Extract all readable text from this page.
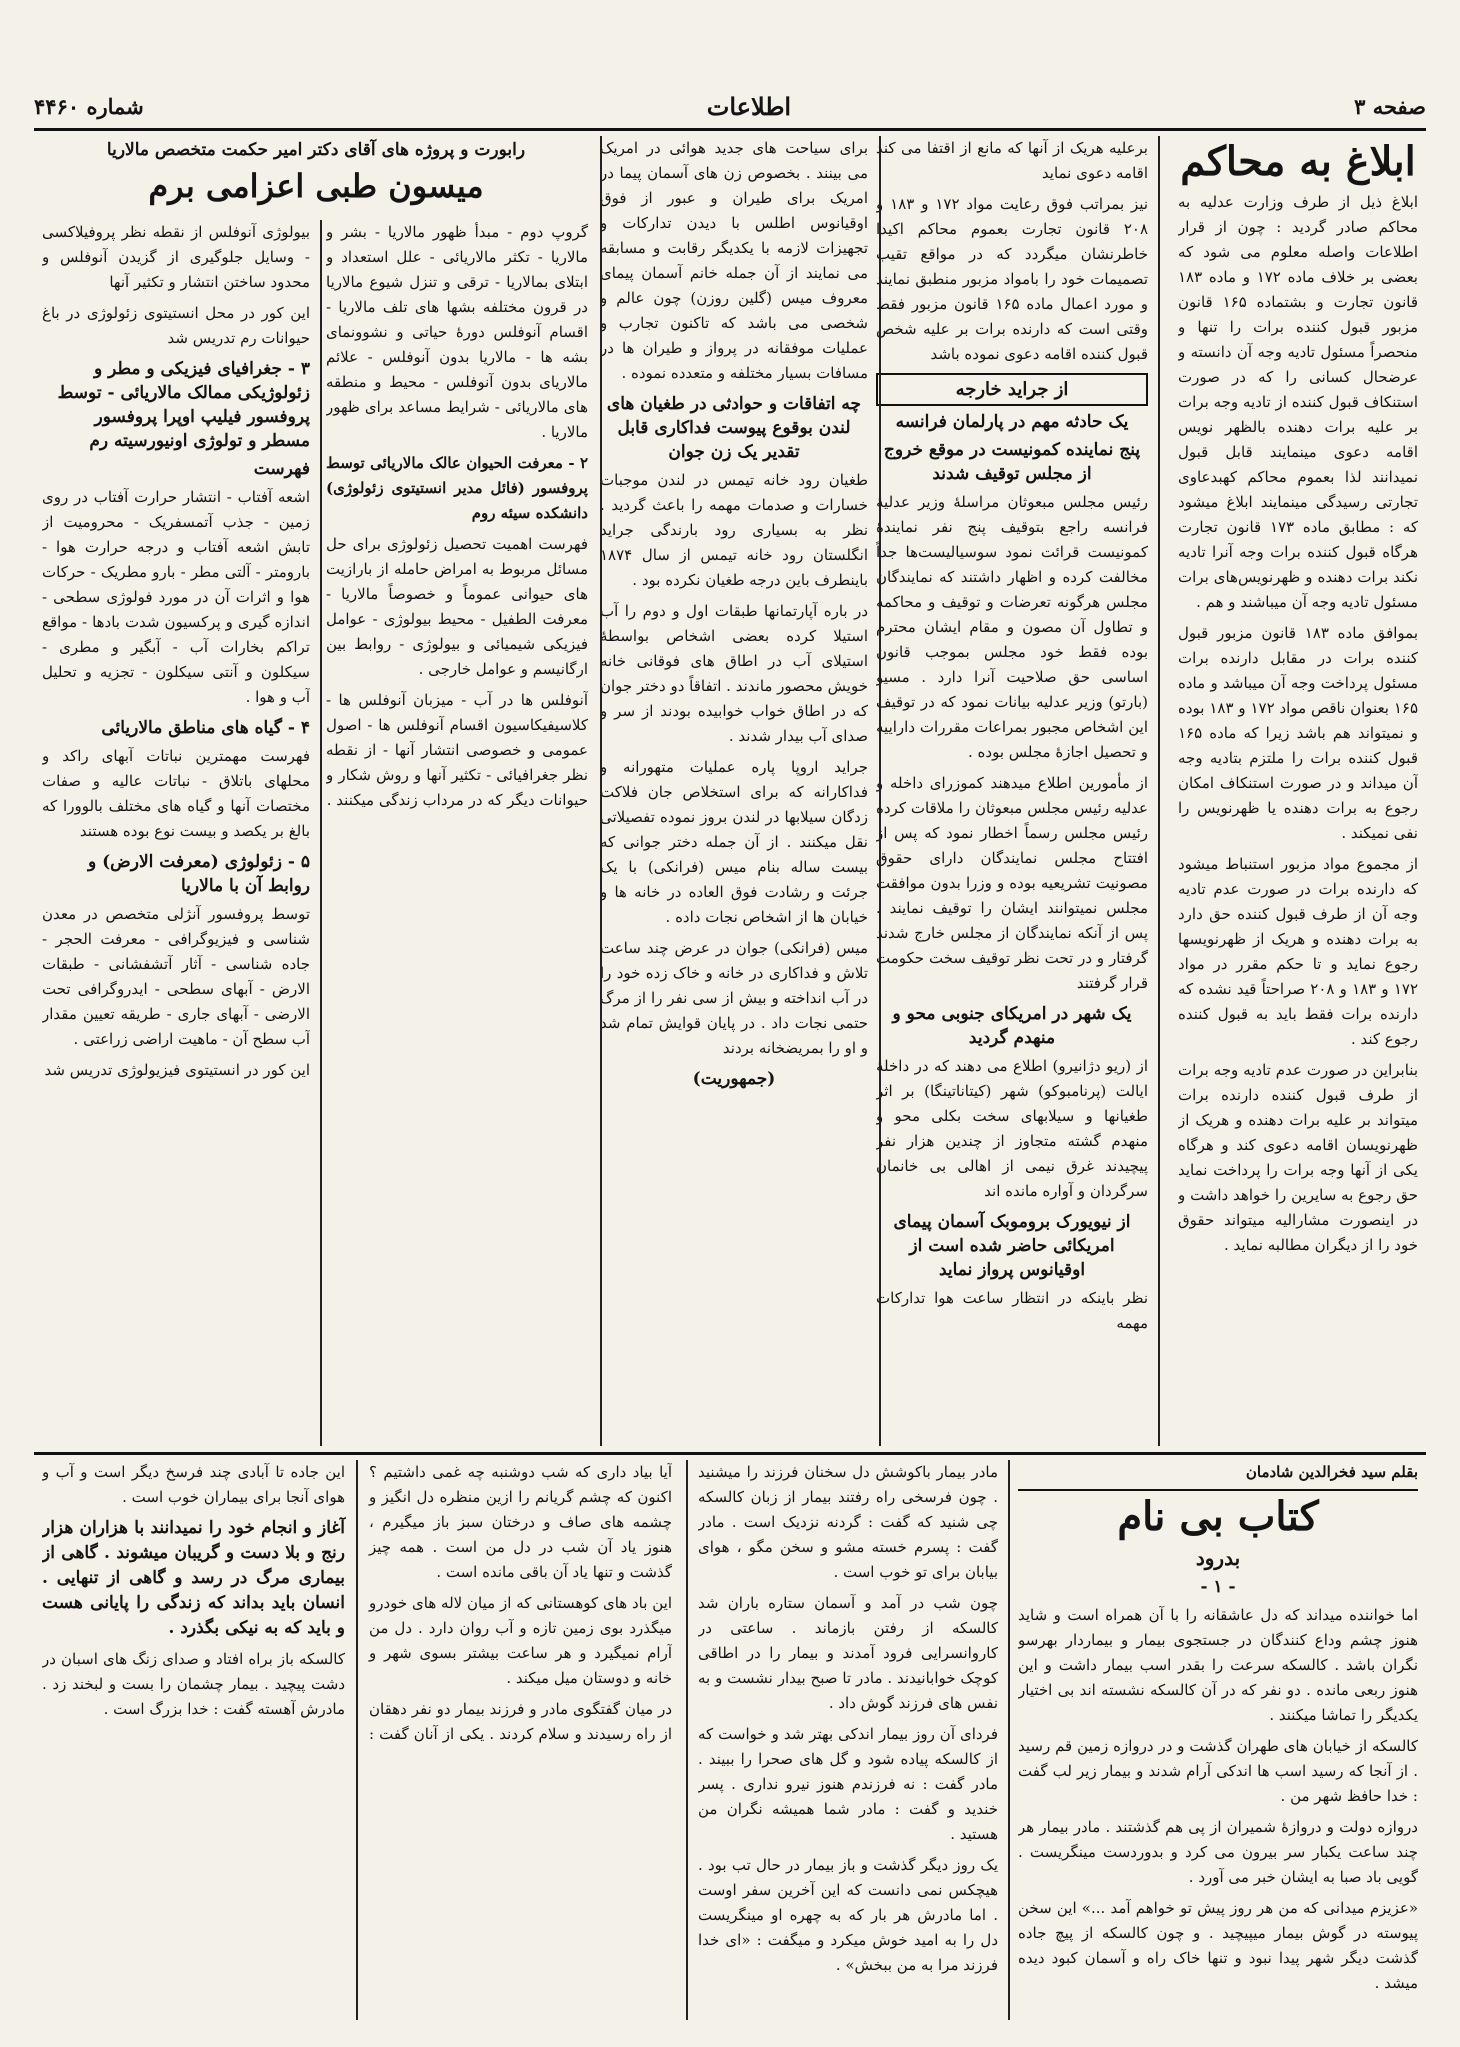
صفحه ۳
اطلاعات
شماره ۴۴۶۰
ابلاغ به محاکم

ابلاغ ذیل از طرف وزارت عدلیه به محاکم صادر گردید : چون از قرار اطلاعات واصله معلوم می شود که بعضی بر خلاف ماده ۱۷۲ و ماده ۱۸۳ قانون تجارت و بشتماده ۱۶۵ قانون مزبور قبول کننده برات را تنها و منحصراً مسئول تادیه وجه آن دانسته و عرضحال کسانی را که در صورت استنکاف قبول کننده از تادیه وجه برات بر علیه برات دهنده بالظهر نویس اقامه دعوی مینمایند قابل قبول نمیدانند لذا بعموم محاکم کهبدعاوی تجارتی رسیدگی مینمایند ابلاغ میشود که : مطابق ماده ۱۷۳ قانون تجارت هرگاه قبول کننده برات وجه آنرا تادیه نکند برات دهنده و ظهرنویس‌های برات مسئول تادیه وجه آن میباشند و هم .

بموافق ماده ۱۸۳ قانون مزبور قبول کننده برات در مقابل دارنده برات مسئول پرداخت وجه آن میباشد و ماده ۱۶۵ بعنوان ناقص مواد ۱۷۲ و ۱۸۳ بوده و نمیتواند هم باشد زیرا که ماده ۱۶۵ قبول کننده برات را ملتزم بتادیه وجه آن میداند و در صورت استنکاف امکان رجوع به برات دهنده یا ظهرنویس را نفی نمیکند .

از مجموع مواد مزبور استنباط میشود که دارنده برات در صورت عدم تادیه وجه آن از طرف قبول کننده حق دارد به برات دهنده و هریک از ظهرنویسها رجوع نماید و تا حکم مقرر در مواد ۱۷۲ و ۱۸۳ و ۲۰۸ صراحتاً قید نشده که دارنده برات فقط باید به قبول کننده رجوع کند .

بنابراین در صورت عدم تادیه وجه برات از طرف قبول کننده دارنده برات میتواند بر علیه برات دهنده و هریک از ظهرنویسان اقامه دعوی کند و هرگاه یکی از آنها وجه برات را پرداخت نماید حق رجوع به سایرین را خواهد داشت و در اینصورت مشارالیه میتواند حقوق خود را از دیگران مطالبه نماید .

برعلیه هریک از آنها که مانع از اقتفا می کند اقامه دعوی نماید

نیز بمراتب فوق رعایت مواد ۱۷۲ و ۱۸۳ و ۲۰۸ قانون تجارت بعموم محاکم اکیدا خاطرنشان میگردد که در مواقع تقیب تصمیمات خود را بامواد مزبور منطبق نمایند و مورد اعمال ماده ۱۶۵ قانون مزبور فقط وقتی است که دارنده برات بر علیه شخص قبول کننده اقامه دعوی نموده باشد

از جراید خارجه
یک حادثه مهم در پارلمان فرانسه
پنج نماینده کمونیست در موقع خروج از مجلس توقیف شدند

رئیس مجلس مبعوثان مراسلهٔ وزیر عدلیهٔ فرانسه راجع بتوقیف پنج نفر نمایندهٔ کمونیست قرائت نمود سوسیالیست‌ها جداً مخالفت کرده و اظهار داشتند که نمایندگان مجلس هرگونه تعرضات و توقیف و محاکمه و تطاول آن مصون و مقام ایشان محترم بوده فقط خود مجلس بموجب قانون اساسی حق صلاحیت آنرا دارد . مسیو (بارتو) وزیر عدلیه بیانات نمود که در توقیف این اشخاص مجبور بمراعات مقررات داراییه و تحصیل اجازهٔ مجلس بوده .

از مأمورین اطلاع میدهند کموزرای داخله و عدلیه رئیس مجلس مبعوثان را ملاقات کرده رئیس مجلس رسماً اخطار نمود که پس از افتتاح مجلس نمایندگان دارای حقوق مصونیت تشریعیه بوده و وزرا بدون موافقت مجلس نمیتوانند ایشان را توقیف نمایند . پس از آنکه نمایندگان از مجلس خارج شدند گرفتار و در تحت نظر توقیف سخت حکومت قرار گرفتند

یک شهر در امریکای جنوبی محو و منهدم گردید

از (ریو دژانیرو) اطلاع می دهند که در داخلهٔ ایالت (پرنامبوکو) شهر (کیتاناتینگا) بر اثر طغیانها و سیلابهای سخت بکلی محو و منهدم گشته متجاوز از چندین هزار نفر پیچیدند غرق نیمی از اهالی بی خانمان سرگردان و آواره مانده اند

از نیویورک بروموبک آسمان پیمای امریکائی حاضر شده است از اوقیانوس پرواز نماید

نظر باینکه در انتظار ساعت هوا تدارکات مهمه

برای سیاحت های جدید هوائی در امریک می بینند . بخصوص زن های آسمان پیما در امریک برای طیران و عبور از فوق اوقیانوس اطلس با دیدن تدارکات و تجهیزات لازمه با یکدیگر رقابت و مسابقه می نمایند از آن جمله خانم آسمان پیمای معروف میس (گلین روزن) چون عالم و شخصی می باشد که تاکنون تجارب و عملیات موفقانه در پرواز و طیران ها در مسافات بسیار مختلفه و متعدده نموده .

چه اتفاقات و حوادثی در طغیان های لندن بوقوع پیوست فداکاری قابل تقدیر یک زن جوان

طغیان رود خانه تیمس در لندن موجبات خسارات و صدمات مهمه را باعث گردید . نظر به بسیاری رود بارندگی جراید انگلستان رود خانه تیمس از سال ۱۸۷۴ باینطرف باین درجه طغیان نکرده بود .

در باره آپارتمانها طبقات اول و دوم را آب استیلا کرده بعضی اشخاص بواسطهٔ استیلای آب در اطاق های فوقانی خانه خویش محصور ماندند . اتفاقاً دو دختر جوان که در اطاق خواب خوابیده بودند از سر و صدای آب بیدار شدند .

جراید اروپا پاره عملیات متهورانه و فداکارانه که برای استخلاص جان فلاکت زدگان سیلابها در لندن بروز نموده تفصیلاتی نقل میکنند . از آن جمله دختر جوانی که بیست ساله بنام میس (فرانکی) با یک جرئت و رشادت فوق العاده در خانه ها و خیابان ها از اشخاص نجات داده .

میس (فرانکی) جوان در عرض چند ساعت تلاش و فداکاری در خانه و خاک زده خود را در آب انداخته و بیش از سی نفر را از مرگ حتمی نجات داد . در پایان قوایش تمام شد و او را بمریضخانه بردند

(جمهوریت)
رابورت و پروژه های آقای دکتر امیر حکمت متخصص مالاریا
میسون طبی اعزامی برم

گروپ دوم - مبدأ ظهور مالاریا - بشر و مالاریا - تکثر مالاریائی - علل استعداد و ابتلای بمالاریا - ترقی و تنزل شیوع مالاریا در قرون مختلفه بشها های تلف مالاریا - اقسام آنوفلس دورهٔ حیاتی و نشوونمای بشه ها - مالاریا بدون آنوفلس - علائم مالاریای بدون آنوفلس - محیط و منطقه های مالاریائی - شرایط مساعد برای ظهور مالاریا .

۲ - معرفت الحیوان عالک مالاریائی توسط پروفسور (فائل مدیر انستیتوی زئولوژی) دانشکده سیئه روم

فهرست اهمیت تحصیل زئولوژی برای حل مسائل مربوط به امراض حامله از بارازیت های حیوانی عموماً و خصوصاً مالاریا - معرفت الطفیل - محیط بیولوژی - عوامل فیزیکی شیمیائی و بیولوژی - روابط بین ارگانیسم و عوامل خارجی .

آنوفلس ها در آب - میزبان آنوفلس ها - کلاسیفیکاسیون اقسام آنوفلس ها - اصول عمومی و خصوصی انتشار آنها - از نقطه نظر جغرافیائی - تکثیر آنها و روش شکار و حیوانات دیگر که در مرداب زندگی میکنند .

بیولوژی آنوفلس از نقطه نظر پروفیلاکسی - وسایل جلوگیری از گزیدن آنوفلس و محدود ساختن انتشار و تکثیر آنها

این کور در محل انستیتوی زئولوژی در باغ حیوانات رم تدریس شد

۳ - جغرافیای فیزیکی و مطر و زئولوژیکی ممالک مالاریائی - توسط پروفسور فیلیپ اوپرا پروفسور مسطر و تولوژی اونیورسیته رم
فهرست

اشعه آفتاب - انتشار حرارت آفتاب در روی زمین - جذب آتمسفریک - محرومیت از تابش اشعه آفتاب و درجه حرارت هوا - بارومتر - آلتی مطر - بارو مطریک - حرکات هوا و اثرات آن در مورد فولوژی سطحی - اندازه گیری و پرکسیون شدت بادها - مواقع تراکم بخارات آب - آبگیر و مطری - سیکلون و آنتی سیکلون - تجزیه و تحلیل آب و هوا .

۴ - گیاه های مناطق مالاریائی

فهرست مهمترین نباتات آبهای راکد و محلهای باتلاق - نباتات عالیه و صفات مختصات آنها و گیاه های مختلف بالوورا که بالغ بر یکصد و بیست نوع بوده هستند

۵ - زئولوژی (معرفت الارض) و روابط آن با مالاریا

توسط پروفسور آنژلی متخصص در معدن شناسی و فیزیوگرافی - معرفت الحجر - جاده شناسی - آثار آتشفشانی - طبقات الارض - آبهای سطحی - ایدروگرافی تحت الارضی - آبهای جاری - طریقه تعیین مقدار آب سطح آن - ماهیت اراضی زراعتی .

این کور در انستیتوی فیزیولوژی تدریس شد

بقلم سید فخرالدین شادمان
کتاب بی نام
بدرود
- ۱ -

اما خواننده میداند که دل عاشقانه را با آن همراه است و شاید هنوز چشم وداع کنندگان در جستجوی بیمار و بیماردار بهرسو نگران باشد . کالسکه سرعت را بقدر اسب بیمار داشت و این هنوز ربعی مانده . دو نفر که در آن کالسکه نشسته اند بی اختیار یکدیگر را تماشا میکنند .

کالسکه از خیابان های طهران گذشت و در دروازه زمین قم رسید . از آنجا که رسید اسب ها اندکی آرام شدند و بیمار زیر لب گفت : خدا حافظ شهر من .

دروازه دولت و دروازهٔ شمیران از پی هم گذشتند . مادر بیمار هر چند ساعت یکبار سر بیرون می کرد و بدوردست مینگریست . گویی باد صبا به ایشان خبر می آورد .

«عزیزم میدانی که من هر روز پیش تو خواهم آمد ...» این سخن پیوسته در گوش بیمار میپیچید . و چون کالسکه از پیچ جاده گذشت دیگر شهر پیدا نبود و تنها خاک راه و آسمان کبود دیده میشد .

مادر بیمار باکوشش دل سخنان فرزند را میشنید . چون فرسخی راه رفتند بیمار از زبان کالسکه چی شنید که گفت : گردنه نزدیک است . مادر گفت : پسرم خسته مشو و سخن مگو ، هوای بیابان برای تو خوب است .

چون شب در آمد و آسمان ستاره باران شد کالسکه از رفتن بازماند . ساعتی در کاروانسرایی فرود آمدند و بیمار را در اطاقی کوچک خوابانیدند . مادر تا صبح بیدار نشست و به نفس های فرزند گوش داد .

فردای آن روز بیمار اندکی بهتر شد و خواست که از کالسکه پیاده شود و گل های صحرا را ببیند . مادر گفت : نه فرزندم هنوز نیرو نداری . پسر خندید و گفت : مادر شما همیشه نگران من هستید .

یک روز دیگر گذشت و باز بیمار در حال تب بود . هیچکس نمی دانست که این آخرین سفر اوست . اما مادرش هر بار که به چهره او مینگریست دل را به امید خوش میکرد و میگفت : «ای خدا فرزند مرا به من ببخش» .

آیا بیاد داری که شب دوشنبه چه غمی داشتیم ؟ اکنون که چشم گریانم را ازین منظره دل انگیز و چشمه های صاف و درختان سبز باز میگیرم ، هنوز یاد آن شب در دل من است . همه چیز گذشت و تنها یاد آن باقی مانده است .

این باد های کوهستانی که از میان لاله های خودرو میگذرد بوی زمین تازه و آب روان دارد . دل من آرام نمیگیرد و هر ساعت بیشتر بسوی شهر و خانه و دوستان میل میکند .

در میان گفتگوی مادر و فرزند بیمار دو نفر دهقان از راه رسیدند و سلام کردند . یکی از آنان گفت : این جاده تا آبادی چند فرسخ دیگر است و آب و هوای آنجا برای بیماران خوب است .

آغاز و انجام خود را نمیدانند با هزاران هزار رنج و بلا دست و گریبان میشوند . گاهی از بیماری مرگ در رسد و گاهی از تنهایی . انسان باید بداند که زندگی را پایانی هست و باید که به نیکی بگذرد .

کالسکه باز براه افتاد و صدای زنگ های اسبان در دشت پیچید . بیمار چشمان را بست و لبخند زد . مادرش آهسته گفت : خدا بزرگ است .
